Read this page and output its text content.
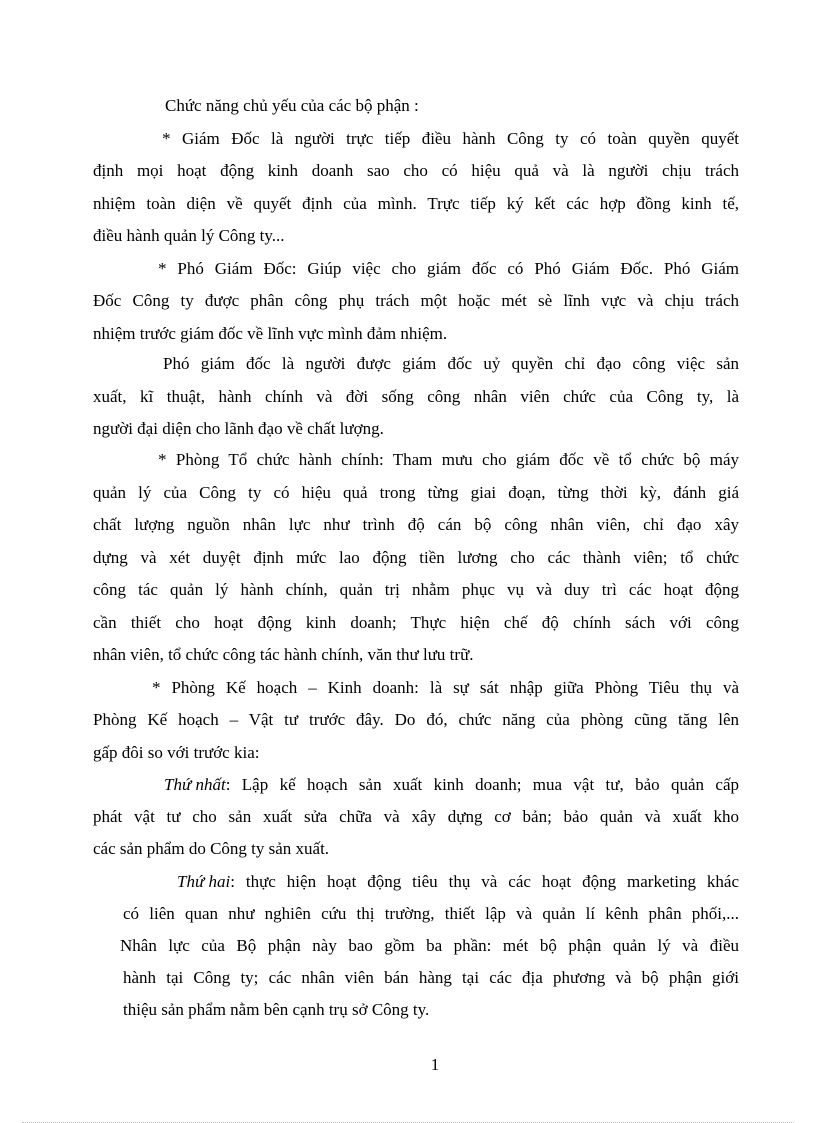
Chức năng chủ yếu của các bộ phận :
* Giám Đốc là người trực tiếp điều hành Công ty có toàn quyền quyết
định mọi hoạt động kinh doanh sao cho có hiệu quả và là người chịu trách
nhiệm toàn diện về quyết định của mình. Trực tiếp ký kết các hợp đồng kinh tế,
điều hành quản lý Công ty...
* Phó Giám Đốc: Giúp việc cho giám đốc có Phó Giám Đốc. Phó Giám
Đốc Công ty được phân công phụ trách một hoặc mét sè lĩnh vực và chịu trách
nhiệm trước giám đốc về lĩnh vực mình đảm nhiệm.
Phó giám đốc là người được giám đốc uỷ quyền chỉ đạo công việc sản
xuất, kĩ thuật, hành chính và đời sống công nhân viên chức của Công ty, là
người đại diện cho lãnh đạo về chất lượng.
* Phòng Tổ chức hành chính: Tham mưu cho giám đốc về tổ chức bộ máy
quản lý của Công ty có hiệu quả trong từng giai đoạn, từng thời kỳ, đánh giá
chất lượng nguồn nhân lực như trình độ cán bộ công nhân viên, chỉ đạo xây
dựng và xét duyệt định mức lao động tiền lương cho các thành viên; tổ chức
công tác quản lý hành chính, quản trị nhằm phục vụ và duy trì các hoạt động
cần thiết cho hoạt động kinh doanh; Thực hiện chế độ chính sách với công
nhân viên, tổ chức công tác hành chính, văn thư lưu trữ.
* Phòng Kế hoạch – Kinh doanh: là sự sát nhập giữa Phòng Tiêu thụ và
Phòng Kế hoạch – Vật tư trước đây. Do đó, chức năng của phòng cũng tăng lên
gấp đôi so với trước kia:
Thứ nhất : Lập kế hoạch sản xuất kinh doanh; mua vật tư, bảo quản cấp
phát vật tư cho sản xuất sửa chữa và xây dựng cơ bản; bảo quản và xuất kho
các sản phẩm do Công ty sản xuất.
Thứ hai : thực hiện hoạt động tiêu thụ và các hoạt động marketing khác
có liên quan như nghiên cứu thị trường, thiết lập và quản lí kênh phân phối,...
Nhân lực của Bộ phận này bao gồm ba phần: mét bộ phận quản lý và điều
hành tại Công ty; các nhân viên bán hàng tại các địa phương và bộ phận giới
thiệu sản phẩm nằm bên cạnh trụ sở Công ty.
1
